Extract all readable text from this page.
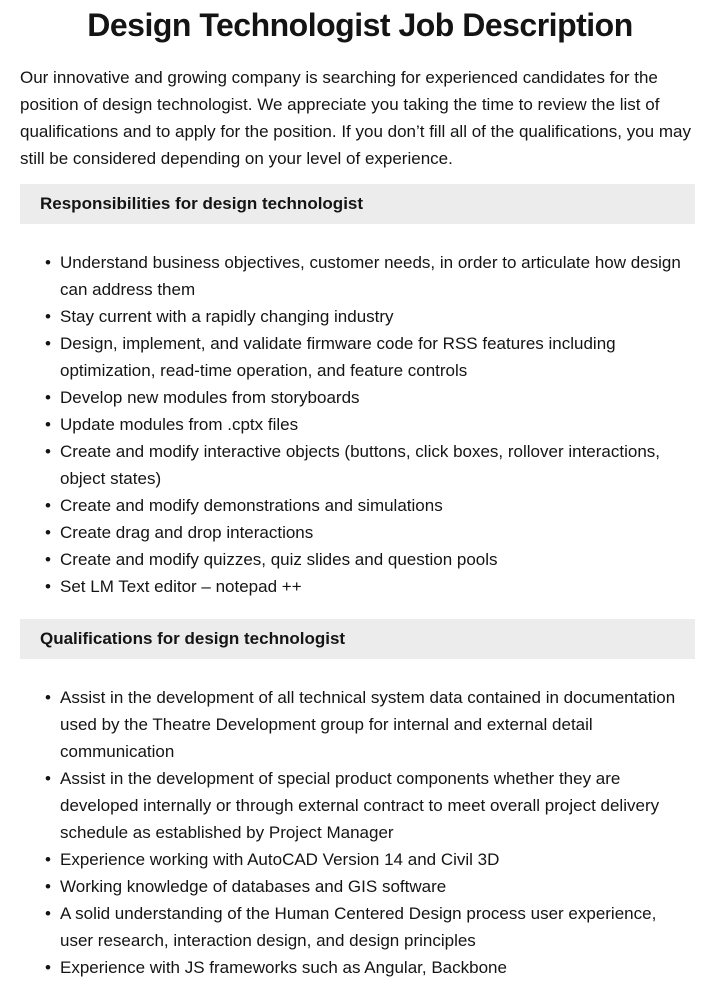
Design Technologist Job Description

Our innovative and growing company is searching for experienced candidates for the position of design technologist. We appreciate you taking the time to review the list of qualifications and to apply for the position. If you don’t fill all of the qualifications, you may still be considered depending on your level of experience.

Responsibilities for design technologist
• Understand business objectives, customer needs, in order to articulate how design can address them
• Stay current with a rapidly changing industry
• Design, implement, and validate firmware code for RSS features including optimization, read-time operation, and feature controls
• Develop new modules from storyboards
• Update modules from .cptx files
• Create and modify interactive objects (buttons, click boxes, rollover interactions, object states)
• Create and modify demonstrations and simulations
• Create drag and drop interactions
• Create and modify quizzes, quiz slides and question pools
• Set LM Text editor – notepad ++
Qualifications for design technologist
• Assist in the development of all technical system data contained in documentation used by the Theatre Development group for internal and external detail communication
• Assist in the development of special product components whether they are developed internally or through external contract to meet overall project delivery schedule as established by Project Manager
• Experience working with AutoCAD Version 14 and Civil 3D
• Working knowledge of databases and GIS software
• A solid understanding of the Human Centered Design process user experience, user research, interaction design, and design principles
• Experience with JS frameworks such as Angular, Backbone
